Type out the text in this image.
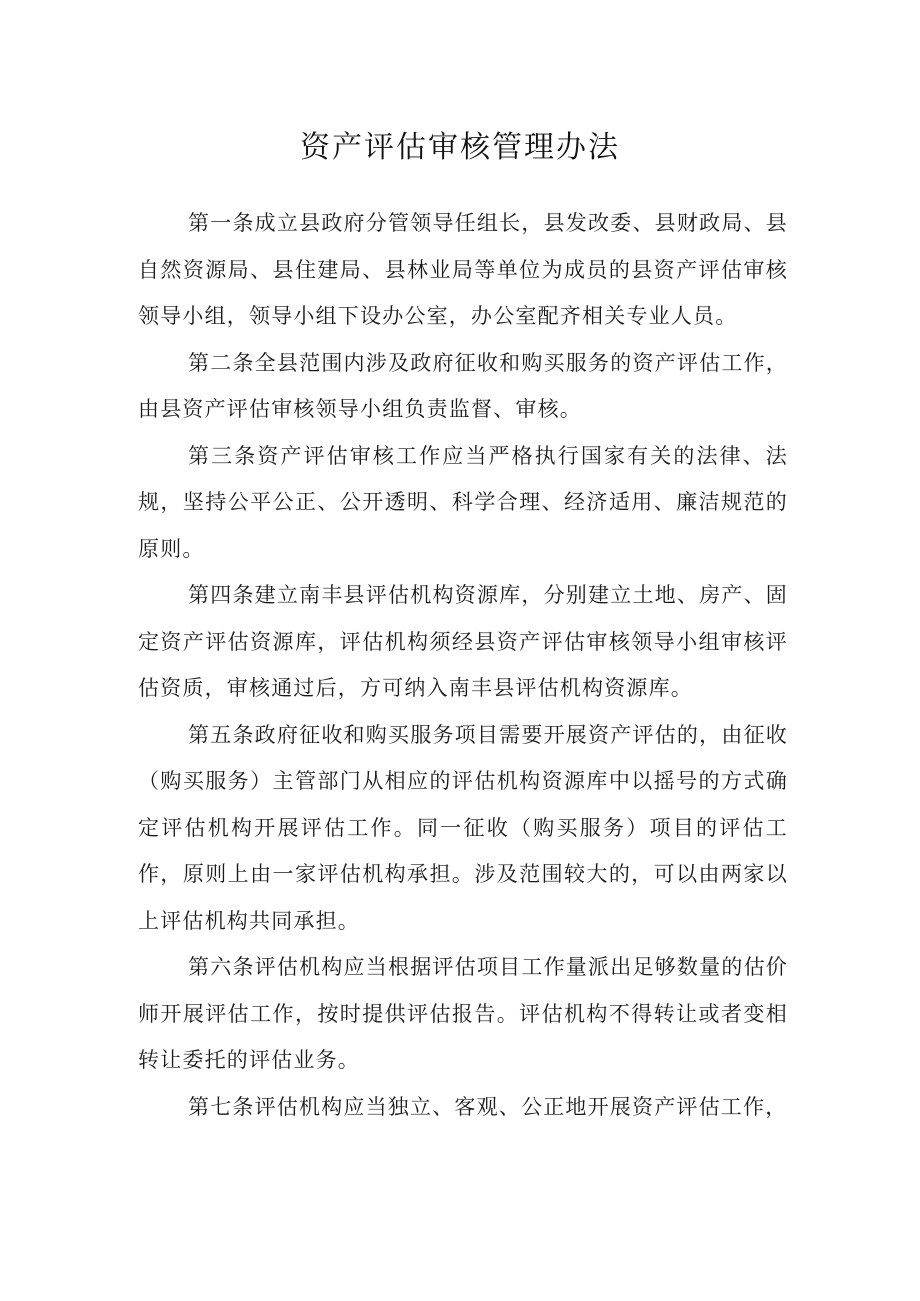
资产评估审核管理办法

第一条成立县政府分管领导任组长，县发改委、县财政局、县自然资源局、县住建局、县林业局等单位为成员的县资产评估审核领导小组，领导小组下设办公室，办公室配齐相关专业人员。

第二条全县范围内涉及政府征收和购买服务的资产评估工作，由县资产评估审核领导小组负责监督、审核。

第三条资产评估审核工作应当严格执行国家有关的法律、法规，坚持公平公正、公开透明、科学合理、经济适用、廉洁规范的原则。

第四条建立南丰县评估机构资源库，分别建立土地、房产、固定资产评估资源库，评估机构须经县资产评估审核领导小组审核评估资质，审核通过后，方可纳入南丰县评估机构资源库。

第五条政府征收和购买服务项目需要开展资产评估的，由征收（购买服务）主管部门从相应的评估机构资源库中以摇号的方式确定评估机构开展评估工作。同一征收（购买服务）项目的评估工作，原则上由一家评估机构承担。涉及范围较大的，可以由两家以上评估机构共同承担。

第六条评估机构应当根据评估项目工作量派出足够数量的估价师开展评估工作，按时提供评估报告。评估机构不得转让或者变相转让委托的评估业务。

第七条评估机构应当独立、客观、公正地开展资产评估工作，
